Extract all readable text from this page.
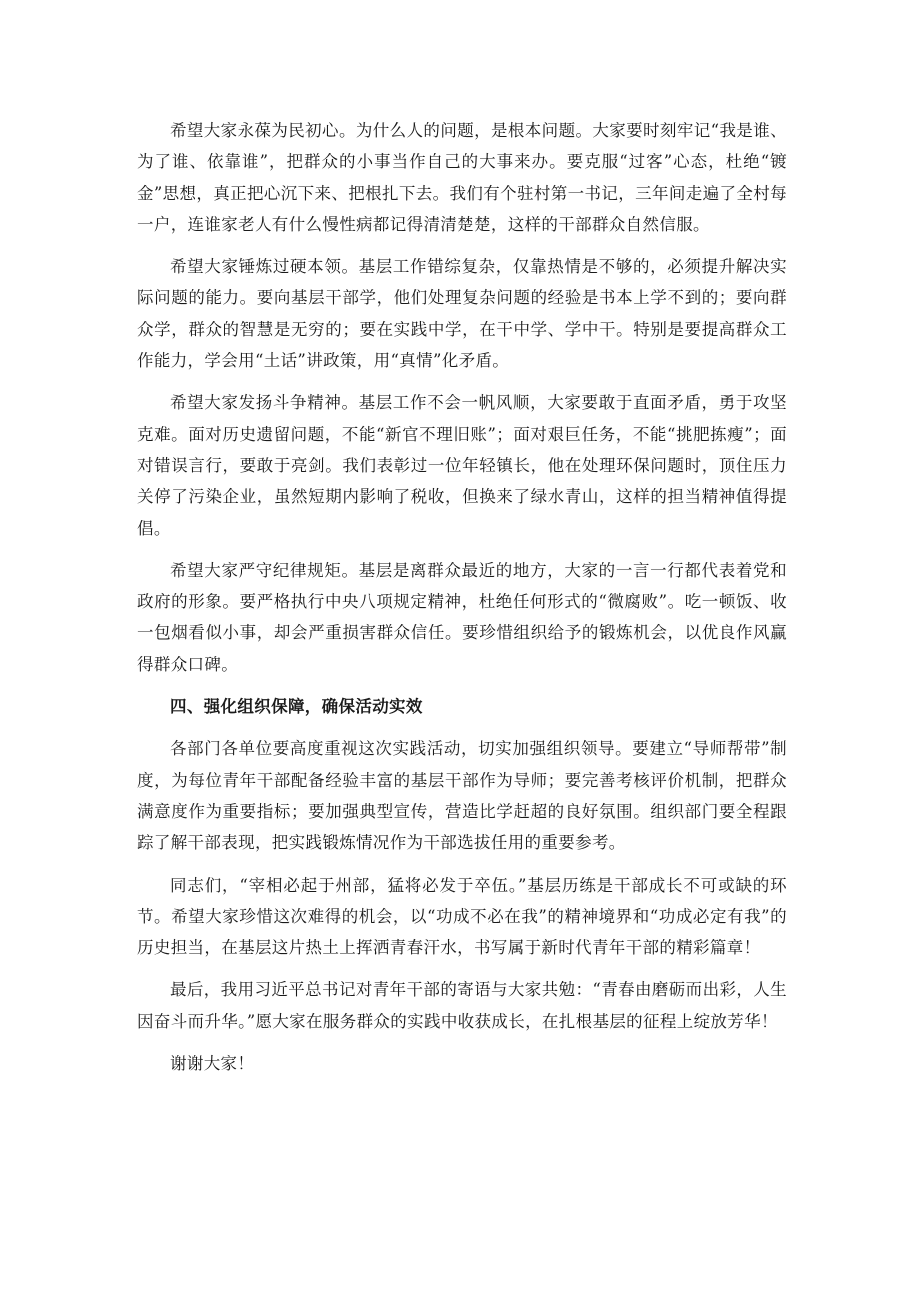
希望大家永葆为民初心。为什么人的问题，是根本问题。大家要时刻牢记“我是谁、为了谁、依靠谁”，把群众的小事当作自己的大事来办。要克服“过客”心态，杜绝“镀金”思想，真正把心沉下来、把根扎下去。我们有个驻村第一书记，三年间走遍了全村每一户，连谁家老人有什么慢性病都记得清清楚楚，这样的干部群众自然信服。

希望大家锤炼过硬本领。基层工作错综复杂，仅靠热情是不够的，必须提升解决实际问题的能力。要向基层干部学，他们处理复杂问题的经验是书本上学不到的；要向群众学，群众的智慧是无穷的；要在实践中学，在干中学、学中干。特别是要提高群众工作能力，学会用“土话”讲政策，用“真情”化矛盾。

希望大家发扬斗争精神。基层工作不会一帆风顺，大家要敢于直面矛盾，勇于攻坚克难。面对历史遗留问题，不能“新官不理旧账”；面对艰巨任务，不能“挑肥拣瘦”；面对错误言行，要敢于亮剑。我们表彰过一位年轻镇长，他在处理环保问题时，顶住压力关停了污染企业，虽然短期内影响了税收，但换来了绿水青山，这样的担当精神值得提倡。

希望大家严守纪律规矩。基层是离群众最近的地方，大家的一言一行都代表着党和政府的形象。要严格执行中央八项规定精神，杜绝任何形式的“微腐败”。吃一顿饭、收一包烟看似小事，却会严重损害群众信任。要珍惜组织给予的锻炼机会，以优良作风赢得群众口碑。

四、强化组织保障，确保活动实效

各部门各单位要高度重视这次实践活动，切实加强组织领导。要建立“导师帮带”制度，为每位青年干部配备经验丰富的基层干部作为导师；要完善考核评价机制，把群众满意度作为重要指标；要加强典型宣传，营造比学赶超的良好氛围。组织部门要全程跟踪了解干部表现，把实践锻炼情况作为干部选拔任用的重要参考。

同志们，“宰相必起于州部，猛将必发于卒伍。”基层历练是干部成长不可或缺的环节。希望大家珍惜这次难得的机会，以“功成不必在我”的精神境界和“功成必定有我”的历史担当，在基层这片热土上挥洒青春汗水，书写属于新时代青年干部的精彩篇章！

最后，我用习近平总书记对青年干部的寄语与大家共勉：“青春由磨砺而出彩，人生因奋斗而升华。”愿大家在服务群众的实践中收获成长，在扎根基层的征程上绽放芳华！

谢谢大家！
